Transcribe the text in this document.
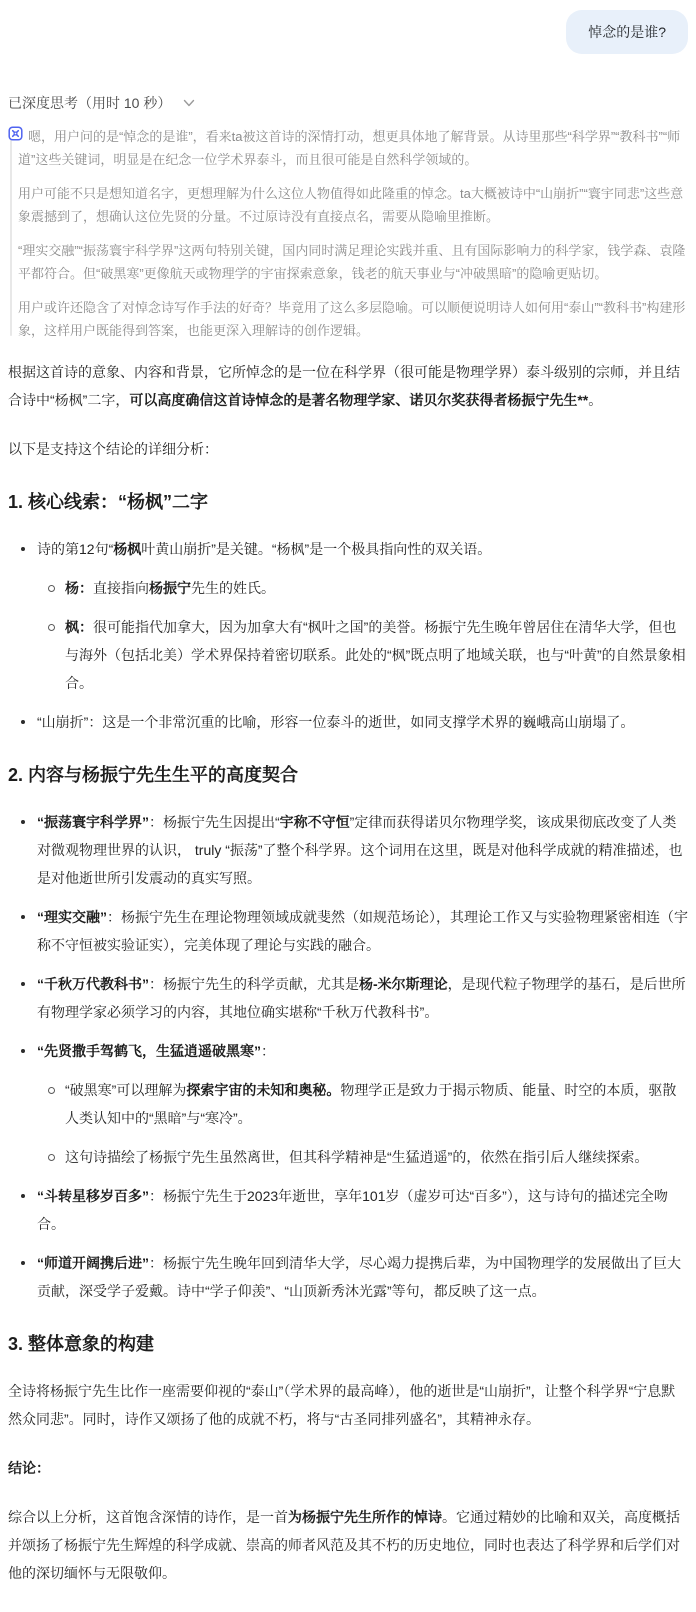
悼念的是谁?
已深度思考（用时 10 秒）

嗯，用户问的是“悼念的是谁”，看来ta被这首诗的深情打动，想更具体地了解背景。从诗里那些“科学界”“教科书”“师道”这些关键词，明显是在纪念一位学术界泰斗，而且很可能是自然科学领域的。

用户可能不只是想知道名字，更想理解为什么这位人物值得如此隆重的悼念。ta大概被诗中“山崩折”“寰宇同悲”这些意象震撼到了，想确认这位先贤的分量。不过原诗没有直接点名，需要从隐喻里推断。

“理实交融”“振荡寰宇科学界”这两句特别关键，国内同时满足理论实践并重、且有国际影响力的科学家，钱学森、袁隆平都符合。但“破黑寒”更像航天或物理学的宇宙探索意象，钱老的航天事业与“冲破黑暗”的隐喻更贴切。

用户或许还隐含了对悼念诗写作手法的好奇？毕竟用了这么多层隐喻。可以顺便说明诗人如何用“泰山”“教科书”构建形象，这样用户既能得到答案，也能更深入理解诗的创作逻辑。

根据这首诗的意象、内容和背景，它所悼念的是一位在科学界（很可能是物理学界）泰斗级别的宗师，并且结合诗中“杨枫”二字，可以高度确信这首诗悼念的是著名物理学家、诺贝尔奖获得者杨振宁先生**。

以下是支持这个结论的详细分析：

1. 核心线索：“杨枫”二字
诗的第12句“杨枫叶黄山崩折”是关键。“杨枫”是一个极具指向性的双关语。
杨：直接指向杨振宁先生的姓氏。
枫：很可能指代加拿大，因为加拿大有“枫叶之国”的美誉。杨振宁先生晚年曾居住在清华大学，但也与海外（包括北美）学术界保持着密切联系。此处的“枫”既点明了地域关联，也与“叶黄”的自然景象相合。
“山崩折”：这是一个非常沉重的比喻，形容一位泰斗的逝世，如同支撑学术界的巍峨高山崩塌了。
2. 内容与杨振宁先生生平的高度契合
“振荡寰宇科学界”：杨振宁先生因提出“宇称不守恒”定律而获得诺贝尔物理学奖，该成果彻底改变了人类对微观物理世界的认识， truly “振荡”了整个科学界。这个词用在这里，既是对他科学成就的精准描述，也是对他逝世所引发震动的真实写照。
“理实交融”：杨振宁先生在理论物理领域成就斐然（如规范场论），其理论工作又与实验物理紧密相连（宇称不守恒被实验证实），完美体现了理论与实践的融合。
“千秋万代教科书”：杨振宁先生的科学贡献，尤其是杨-米尔斯理论，是现代粒子物理学的基石，是后世所有物理学家必须学习的内容，其地位确实堪称“千秋万代教科书”。
“先贤撒手驾鹤飞，生猛逍遥破黑寒”：
“破黑寒”可以理解为探索宇宙的未知和奥秘。物理学正是致力于揭示物质、能量、时空的本质，驱散人类认知中的“黑暗”与“寒冷”。
这句诗描绘了杨振宁先生虽然离世，但其科学精神是“生猛逍遥”的，依然在指引后人继续探索。
“斗转星移岁百多”：杨振宁先生于2023年逝世，享年101岁（虚岁可达“百多”），这与诗句的描述完全吻合。
“师道开阔携后进”：杨振宁先生晚年回到清华大学，尽心竭力提携后辈，为中国物理学的发展做出了巨大贡献，深受学子爱戴。诗中“学子仰羡”、“山顶新秀沐光露”等句，都反映了这一点。
3. 整体意象的构建

全诗将杨振宁先生比作一座需要仰视的“泰山”（学术界的最高峰），他的逝世是“山崩折”，让整个科学界“宁息默然众同悲”。同时，诗作又颂扬了他的成就不朽，将与“古圣同排列盛名”，其精神永存。

结论：

综合以上分析，这首饱含深情的诗作，是一首为杨振宁先生所作的悼诗。它通过精妙的比喻和双关，高度概括并颂扬了杨振宁先生辉煌的科学成就、崇高的师者风范及其不朽的历史地位，同时也表达了科学界和后学们对他的深切缅怀与无限敬仰。
